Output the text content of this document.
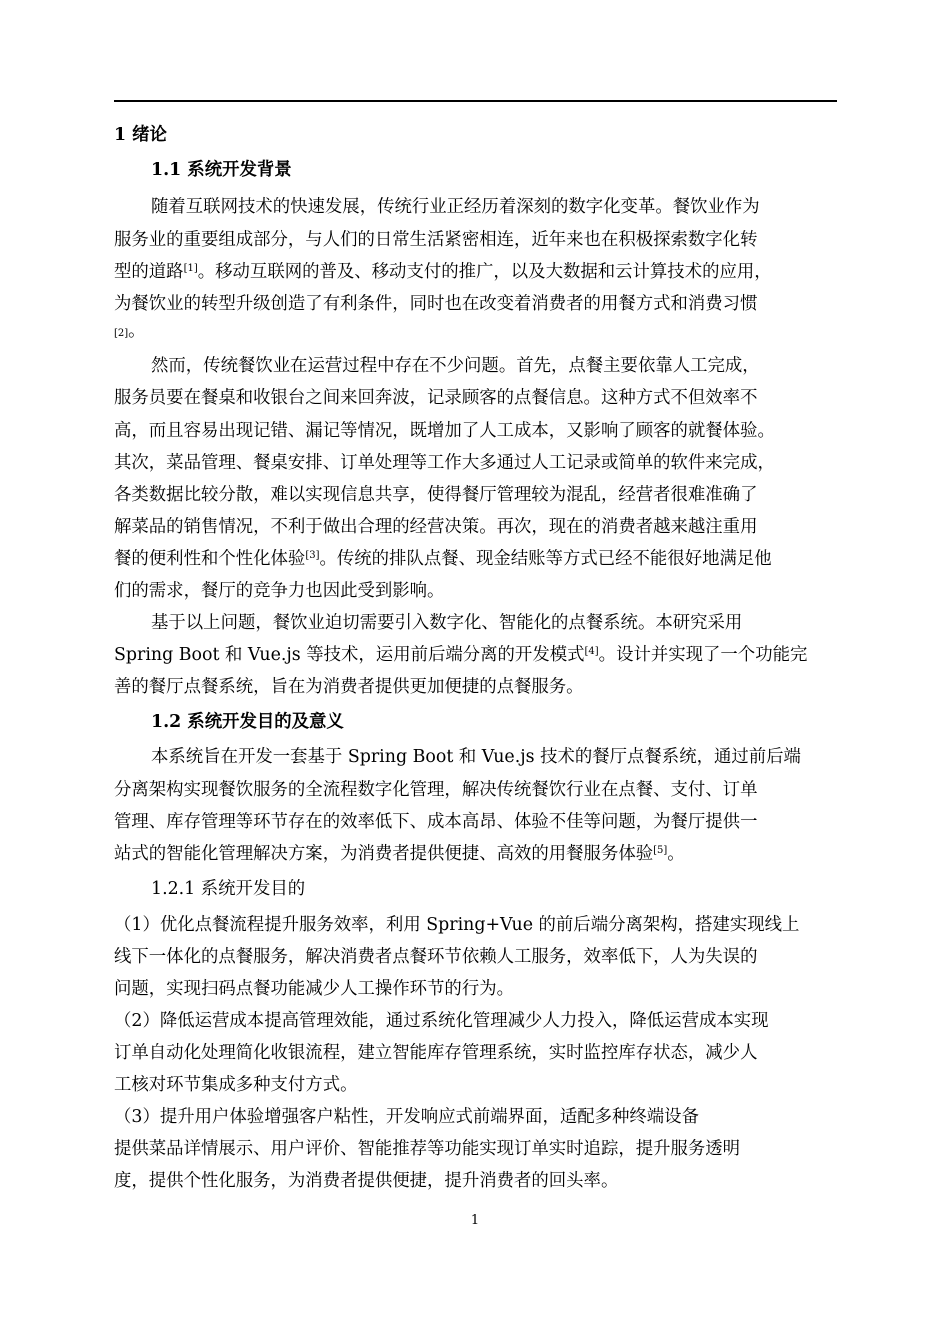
1 绪论
1.1 系统开发背景
随着互联网技术的快速发展，传统行业正经历着深刻的数字化变革。餐饮业作为
服务业的重要组成部分，与人们的日常生活紧密相连，近年来也在积极探索数字化转
型的道路[1]。移动互联网的普及、移动支付的推广，以及大数据和云计算技术的应用，
为餐饮业的转型升级创造了有利条件，同时也在改变着消费者的用餐方式和消费习惯
[2]。
然而，传统餐饮业在运营过程中存在不少问题。首先，点餐主要依靠人工完成，
服务员要在餐桌和收银台之间来回奔波，记录顾客的点餐信息。这种方式不但效率不
高，而且容易出现记错、漏记等情况，既增加了人工成本，又影响了顾客的就餐体验。
其次，菜品管理、餐桌安排、订单处理等工作大多通过人工记录或简单的软件来完成，
各类数据比较分散，难以实现信息共享，使得餐厅管理较为混乱，经营者很难准确了
解菜品的销售情况，不利于做出合理的经营决策。再次，现在的消费者越来越注重用
餐的便利性和个性化体验[3]。传统的排队点餐、现金结账等方式已经不能很好地满足他
们的需求，餐厅的竞争力也因此受到影响。
基于以上问题，餐饮业迫切需要引入数字化、智能化的点餐系统。本研究采用
Spring Boot 和 Vue.js 等技术，运用前后端分离的开发模式[4]。设计并实现了一个功能完
善的餐厅点餐系统，旨在为消费者提供更加便捷的点餐服务。
1.2 系统开发目的及意义
本系统旨在开发一套基于 Spring Boot 和 Vue.js 技术的餐厅点餐系统，通过前后端
分离架构实现餐饮服务的全流程数字化管理，解决传统餐饮行业在点餐、支付、订单
管理、库存管理等环节存在的效率低下、成本高昂、体验不佳等问题，为餐厅提供一
站式的智能化管理解决方案，为消费者提供便捷、高效的用餐服务体验[5]。
1.2.1 系统开发目的
（1）优化点餐流程提升服务效率，利用 Spring+Vue 的前后端分离架构，搭建实现线上
线下一体化的点餐服务，解决消费者点餐环节依赖人工服务，效率低下，人为失误的
问题，实现扫码点餐功能减少人工操作环节的行为。
（2）降低运营成本提高管理效能，通过系统化管理减少人力投入，降低运营成本实现
订单自动化处理简化收银流程，建立智能库存管理系统，实时监控库存状态，减少人
工核对环节集成多种支付方式。
（3）提升用户体验增强客户粘性，开发响应式前端界面，适配多种终端设备
提供菜品详情展示、用户评价、智能推荐等功能实现订单实时追踪，提升服务透明
度，提供个性化服务，为消费者提供便捷，提升消费者的回头率。
1
